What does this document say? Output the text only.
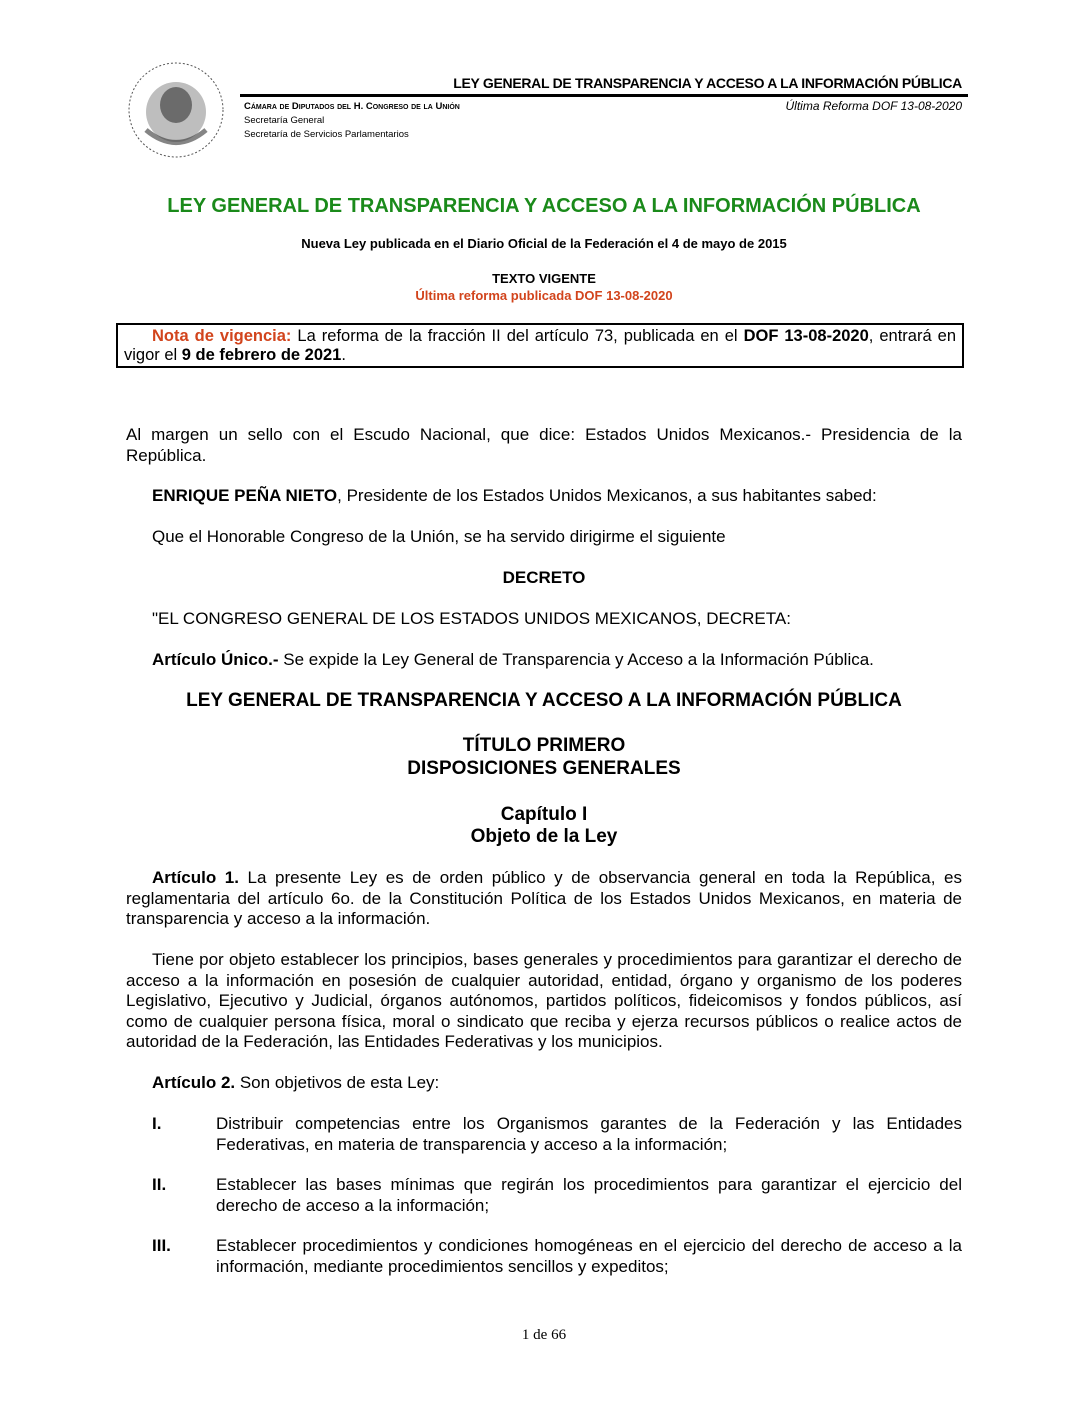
LEY GENERAL DE TRANSPARENCIA Y ACCESO A LA INFORMACIÓN PÚBLICA
Cámara de Diputados del H. Congreso de la Unión
Secretaría General
Secretaría de Servicios Parlamentarios
Última Reforma DOF 13-08-2020
LEY GENERAL DE TRANSPARENCIA Y ACCESO A LA INFORMACIÓN PÚBLICA
Nueva Ley publicada en el Diario Oficial de la Federación el 4 de mayo de 2015
TEXTO VIGENTE
Última reforma publicada DOF 13-08-2020
Nota de vigencia: La reforma de la fracción II del artículo 73, publicada en el DOF 13-08-2020, entrará en vigor el 9 de febrero de 2021.
Al margen un sello con el Escudo Nacional, que dice: Estados Unidos Mexicanos.- Presidencia de la República.
ENRIQUE PEÑA NIETO, Presidente de los Estados Unidos Mexicanos, a sus habitantes sabed:
Que el Honorable Congreso de la Unión, se ha servido dirigirme el siguiente
DECRETO
"EL CONGRESO GENERAL DE LOS ESTADOS UNIDOS MEXICANOS, DECRETA:
Artículo Único.- Se expide la Ley General de Transparencia y Acceso a la Información Pública.
LEY GENERAL DE TRANSPARENCIA Y ACCESO A LA INFORMACIÓN PÚBLICA
TÍTULO PRIMERO
DISPOSICIONES GENERALES
Capítulo I
Objeto de la Ley
Artículo 1. La presente Ley es de orden público y de observancia general en toda la República, es reglamentaria del artículo 6o. de la Constitución Política de los Estados Unidos Mexicanos, en materia de transparencia y acceso a la información.
Tiene por objeto establecer los principios, bases generales y procedimientos para garantizar el derecho de acceso a la información en posesión de cualquier autoridad, entidad, órgano y organismo de los poderes Legislativo, Ejecutivo y Judicial, órganos autónomos, partidos políticos, fideicomisos y fondos públicos, así como de cualquier persona física, moral o sindicato que reciba y ejerza recursos públicos o realice actos de autoridad de la Federación, las Entidades Federativas y los municipios.
Artículo 2. Son objetivos de esta Ley:
I.	Distribuir competencias entre los Organismos garantes de la Federación y las Entidades Federativas, en materia de transparencia y acceso a la información;
II.	Establecer las bases mínimas que regirán los procedimientos para garantizar el ejercicio del derecho de acceso a la información;
III.	Establecer procedimientos y condiciones homogéneas en el ejercicio del derecho de acceso a la información, mediante procedimientos sencillos y expeditos;
1 de 66
